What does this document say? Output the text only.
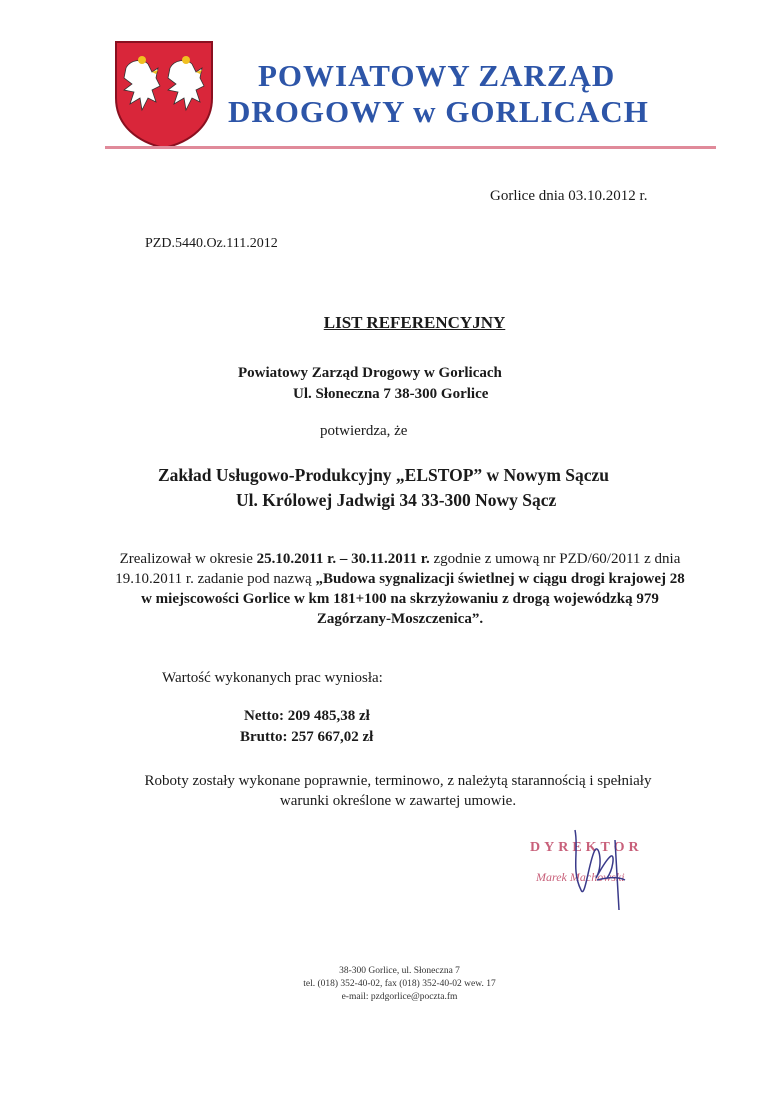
POWIATOWY ZARZĄD
DROGOWY w GORLICACH
Gorlice dnia 03.10.2012 r.
PZD.5440.Oz.111.2012
LIST REFERENCYJNY
Powiatowy Zarząd Drogowy w Gorlicach
Ul. Słoneczna 7 38-300 Gorlice
potwierdza, że
Zakład Usługowo-Produkcyjny „ELSTOP” w Nowym Sączu
Ul. Królowej Jadwigi 34 33-300 Nowy Sącz
Zrealizował w okresie 25.10.2011 r. – 30.11.2011 r. zgodnie z umową nr PZD/60/2011 z dnia 19.10.2011 r. zadanie pod nazwą „Budowa sygnalizacji świetlnej w ciągu drogi krajowej 28 w miejscowości Gorlice w km 181+100 na skrzyżowaniu z drogą wojewódzką 979 Zagórzany-Moszczenica”.
Wartość wykonanych prac wyniosła:
Netto: 209 485,38 zł
Brutto: 257 667,02 zł
Roboty zostały wykonane poprawnie, terminowo, z należytą starannością i spełniały warunki określone w zawartej umowie.
DYREKTOR
Marek Machowski
38-300 Gorlice, ul. Słoneczna 7
tel. (018) 352-40-02, fax (018) 352-40-02 wew. 17
e-mail: pzdgorlice@poczta.fm
